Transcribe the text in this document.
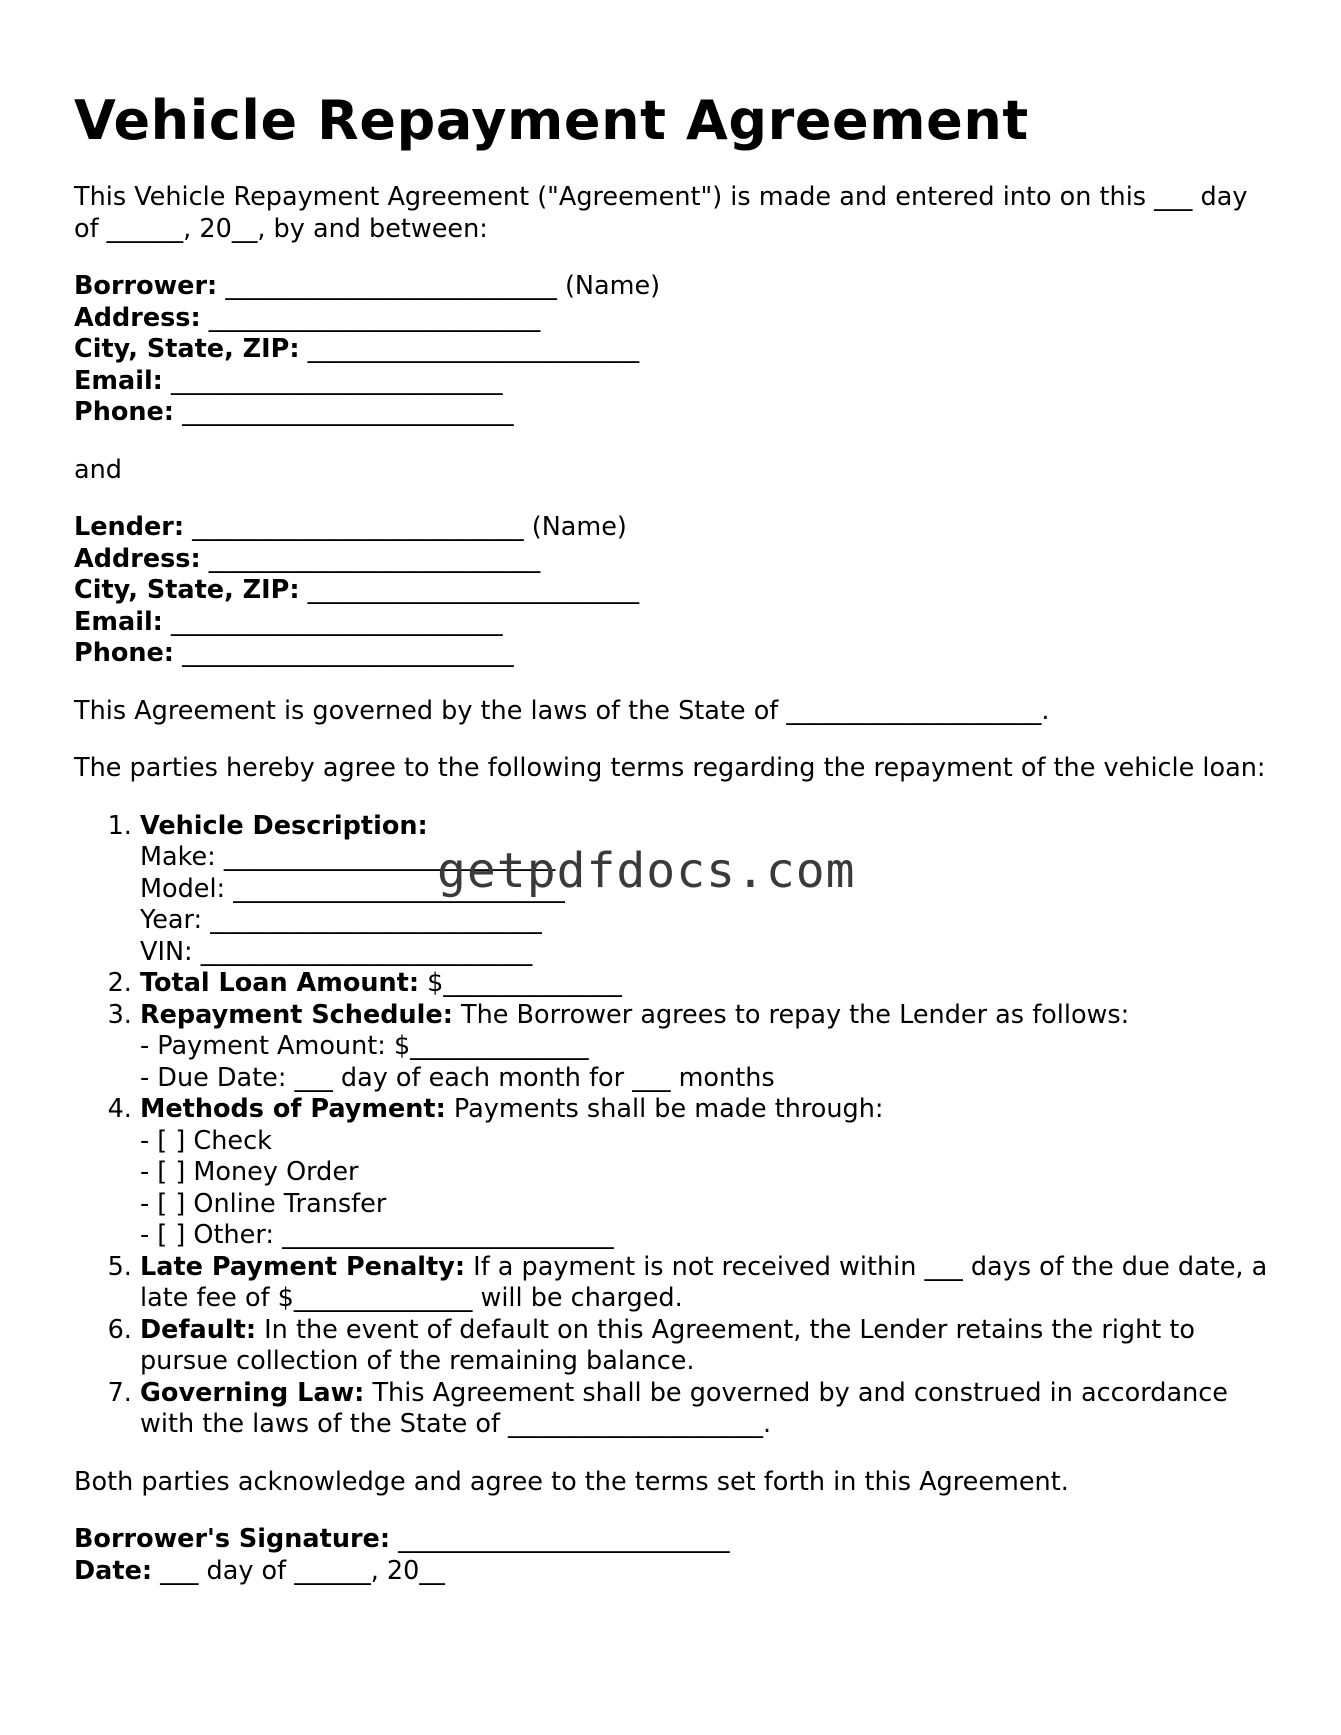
Vehicle Repayment Agreement

This Vehicle Repayment Agreement ("Agreement") is made and entered into on this ___ day of ______, 20__, by and between:

Borrower: __________________________ (Name)
Address: __________________________
City, State, ZIP: __________________________
Email: __________________________
Phone: __________________________

and

Lender: __________________________ (Name)
Address: __________________________
City, State, ZIP: __________________________
Email: __________________________
Phone: __________________________

This Agreement is governed by the laws of the State of ____________________.

The parties hereby agree to the following terms regarding the repayment of the vehicle loan:

1. Vehicle Description:
Make: __________________________
Model: __________________________
Year: __________________________
VIN: __________________________
2. Total Loan Amount: $______________
3. Repayment Schedule: The Borrower agrees to repay the Lender as follows:
- Payment Amount: $______________
- Due Date: ___ day of each month for ___ months
4. Methods of Payment: Payments shall be made through:
- [ ] Check
- [ ] Money Order
- [ ] Online Transfer
- [ ] Other: __________________________
5. Late Payment Penalty: If a payment is not received within ___ days of the due date, a late fee of $______________ will be charged.
6. Default: In the event of default on this Agreement, the Lender retains the right to pursue collection of the remaining balance.
7. Governing Law: This Agreement shall be governed by and construed in accordance with the laws of the State of ____________________.

Both parties acknowledge and agree to the terms set forth in this Agreement.

Borrower's Signature: __________________________
Date: ___ day of ______, 20__
getpdfdocs.com
